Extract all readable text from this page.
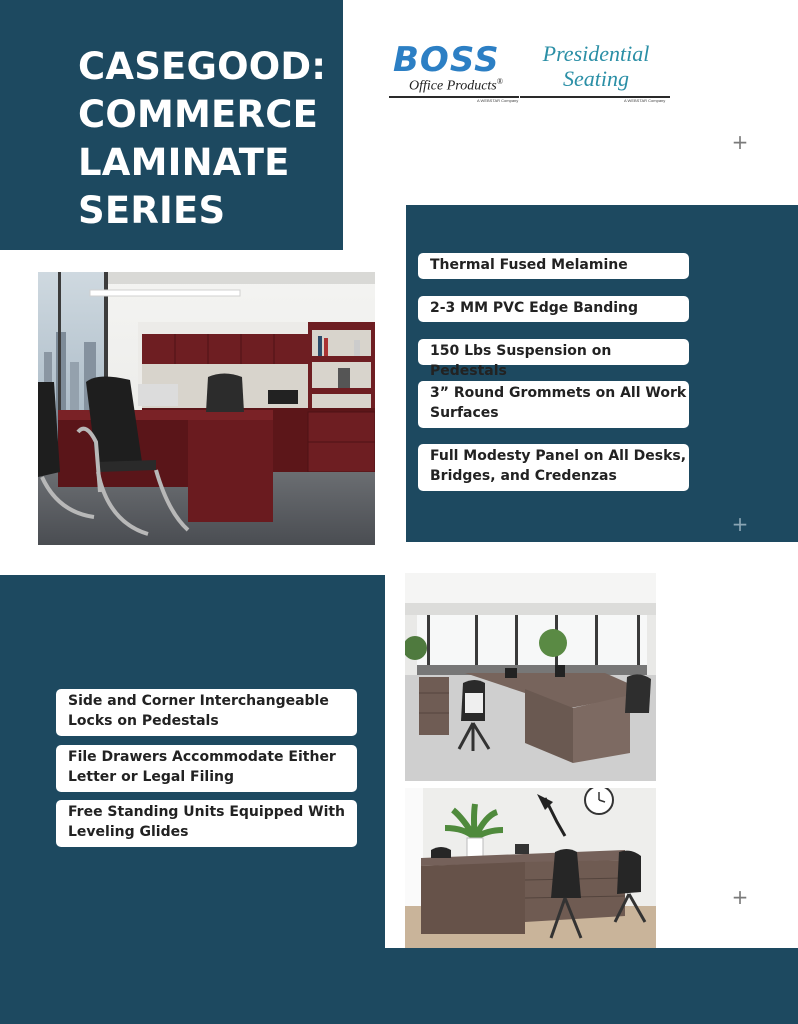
CASEGOOD:
COMMERCE
LAMINATE
SERIES
BOSS
Office Products®
A WEBSTAR Company
Presidential
Seating
A WEBSTAR Company
+
Thermal Fused Melamine
2-3 MM PVC Edge Banding
150 Lbs Suspension on Pedestals
3” Round Grommets on All Work
Surfaces
Full Modesty Panel on All Desks,
Bridges, and Credenzas
+
Side and Corner Interchangeable
Locks on Pedestals
File Drawers Accommodate Either
Letter or Legal Filing
Free Standing Units Equipped With
Leveling Glides
+
